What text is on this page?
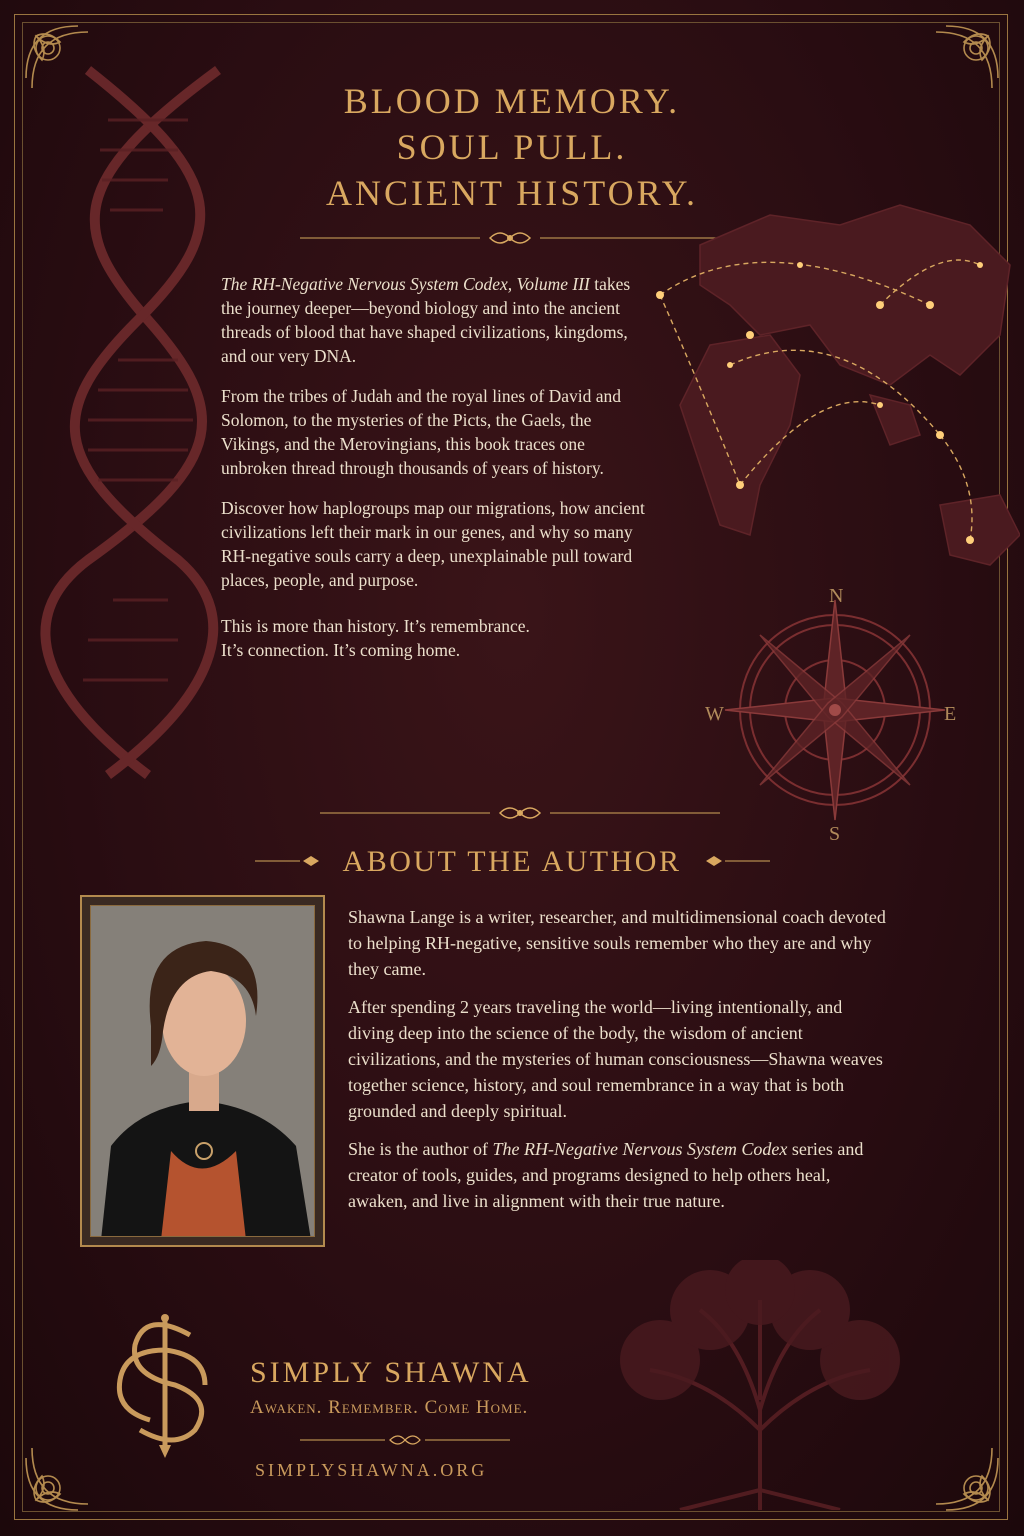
BLOOD MEMORY.
SOUL PULL.
ANCIENT HISTORY.
N
S
E
W

The RH-Negative Nervous System Codex, Volume III takes the journey deeper—beyond biology and into the ancient threads of blood that have shaped civilizations, kingdoms, and our very DNA.

From the tribes of Judah and the royal lines of David and Solomon, to the mysteries of the Picts, the Gaels, the Vikings, and the Merovingians, this book traces one unbroken thread through thousands of years of history.

Discover how haplogroups map our migrations, how ancient civilizations left their mark in our genes, and why so many RH-negative souls carry a deep, unexplainable pull toward places, people, and purpose.

This is more than history. It’s remembrance.
It’s connection. It’s coming home.
ABOUT THE AUTHOR

Shawna Lange is a writer, researcher, and multidimensional coach devoted to helping RH-negative, sensitive souls remember who they are and why they came.

After spending 2 years traveling the world—living intentionally, and diving deep into the science of the body, the wisdom of ancient civilizations, and the mysteries of human consciousness—Shawna weaves together science, history, and soul remembrance in a way that is both grounded and deeply spiritual.

She is the author of The RH-Negative Nervous System Codex series and creator of tools, guides, and programs designed to help others heal, awaken, and live in alignment with their true nature.

SIMPLY SHAWNA
Awaken. Remember. Come Home.
SIMPLYSHAWNA.ORG
